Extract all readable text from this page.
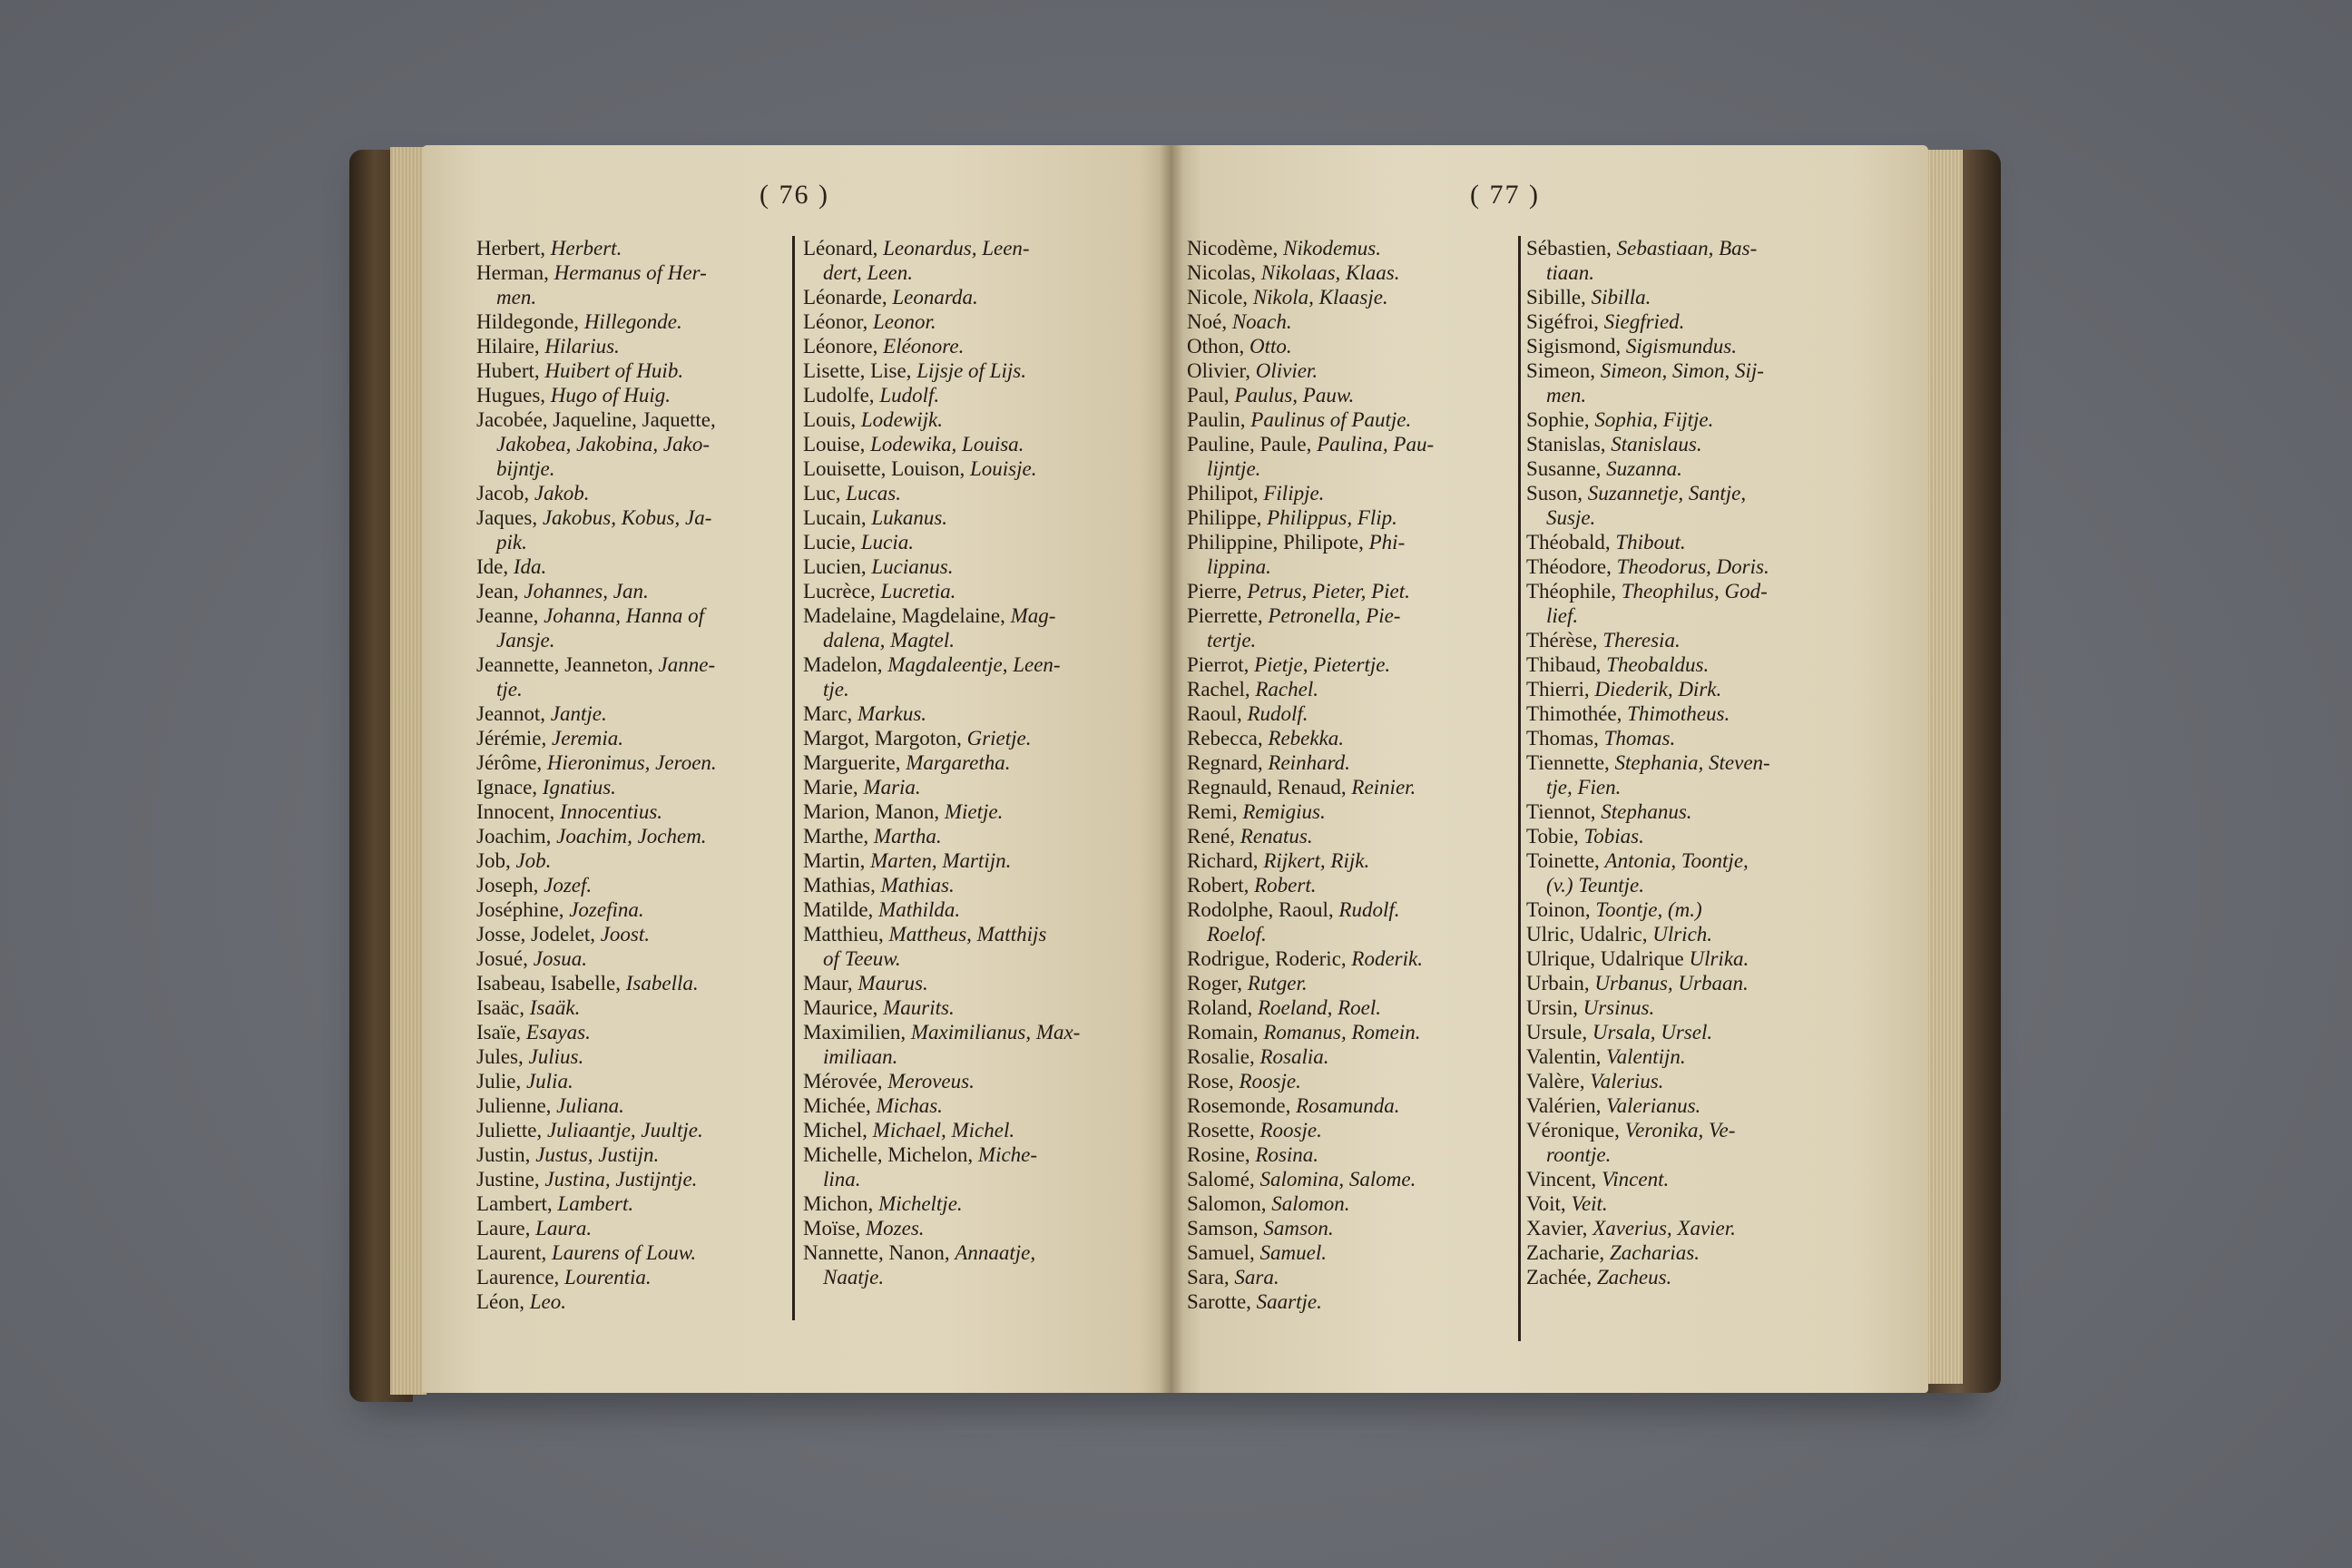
( 76 )
Herbert, Herbert.
Herman, Hermanus of Her-
men.
Hildegonde, Hillegonde.
Hilaire, Hilarius.
Hubert, Huibert of Huib.
Hugues, Hugo of Huig.
Jacobée, Jaqueline, Jaquette,
Jakobea, Jakobina, Jako-
bijntje.
Jacob, Jakob.
Jaques, Jakobus, Kobus, Ja-
pik.
Ide, Ida.
Jean, Johannes, Jan.
Jeanne, Johanna, Hanna of
Jansje.
Jeannette, Jeanneton, Janne-
tje.
Jeannot, Jantje.
Jérémie, Jeremia.
Jérôme, Hieronimus, Jeroen.
Ignace, Ignatius.
Innocent, Innocentius.
Joachim, Joachim, Jochem.
Job, Job.
Joseph, Jozef.
Joséphine, Jozefina.
Josse, Jodelet, Joost.
Josué, Josua.
Isabeau, Isabelle, Isabella.
Isaäc, Isaäk.
Isaïe, Esayas.
Jules, Julius.
Julie, Julia.
Julienne, Juliana.
Juliette, Juliaantje, Juultje.
Justin, Justus, Justijn.
Justine, Justina, Justijntje.
Lambert, Lambert.
Laure, Laura.
Laurent, Laurens of Louw.
Laurence, Lourentia.
Léon, Leo.
Léonard, Leonardus, Leen-
dert, Leen.
Léonarde, Leonarda.
Léonor, Leonor.
Léonore, Eléonore.
Lisette, Lise, Lijsje of Lijs.
Ludolfe, Ludolf.
Louis, Lodewijk.
Louise, Lodewika, Louisa.
Louisette, Louison, Louisje.
Luc, Lucas.
Lucain, Lukanus.
Lucie, Lucia.
Lucien, Lucianus.
Lucrèce, Lucretia.
Madelaine, Magdelaine, Mag-
dalena, Magtel.
Madelon, Magdaleentje, Leen-
tje.
Marc, Markus.
Margot, Margoton, Grietje.
Marguerite, Margaretha.
Marie, Maria.
Marion, Manon, Mietje.
Marthe, Martha.
Martin, Marten, Martijn.
Mathias, Mathias.
Matilde, Mathilda.
Matthieu, Mattheus, Matthijs
of Teeuw.
Maur, Maurus.
Maurice, Maurits.
Maximilien, Maximilianus, Max-
imiliaan.
Mérovée, Meroveus.
Michée, Michas.
Michel, Michael, Michel.
Michelle, Michelon, Miche-
lina.
Michon, Micheltje.
Moïse, Mozes.
Nannette, Nanon, Annaatje,
Naatje.
( 77 )
Nicodème, Nikodemus.
Nicolas, Nikolaas, Klaas.
Nicole, Nikola, Klaasje.
Noé, Noach.
Othon, Otto.
Olivier, Olivier.
Paul, Paulus, Pauw.
Paulin, Paulinus of Pautje.
Pauline, Paule, Paulina, Pau-
lijntje.
Philipot, Filipje.
Philippe, Philippus, Flip.
Philippine, Philipote, Phi-
lippina.
Pierre, Petrus, Pieter, Piet.
Pierrette, Petronella, Pie-
tertje.
Pierrot, Pietje, Pietertje.
Rachel, Rachel.
Raoul, Rudolf.
Rebecca, Rebekka.
Regnard, Reinhard.
Regnauld, Renaud, Reinier.
Remi, Remigius.
René, Renatus.
Richard, Rijkert, Rijk.
Robert, Robert.
Rodolphe, Raoul, Rudolf.
Roelof.
Rodrigue, Roderic, Roderik.
Roger, Rutger.
Roland, Roeland, Roel.
Romain, Romanus, Romein.
Rosalie, Rosalia.
Rose, Roosje.
Rosemonde, Rosamunda.
Rosette, Roosje.
Rosine, Rosina.
Salomé, Salomina, Salome.
Salomon, Salomon.
Samson, Samson.
Samuel, Samuel.
Sara, Sara.
Sarotte, Saartje.
Sébastien, Sebastiaan, Bas-
tiaan.
Sibille, Sibilla.
Sigéfroi, Siegfried.
Sigismond, Sigismundus.
Simeon, Simeon, Simon, Sij-
men.
Sophie, Sophia, Fijtje.
Stanislas, Stanislaus.
Susanne, Suzanna.
Suson, Suzannetje, Santje,
Susje.
Théobald, Thibout.
Théodore, Theodorus, Doris.
Théophile, Theophilus, God-
lief.
Thérèse, Theresia.
Thibaud, Theobaldus.
Thierri, Diederik, Dirk.
Thimothée, Thimotheus.
Thomas, Thomas.
Tiennette, Stephania, Steven-
tje, Fien.
Tiennot, Stephanus.
Tobie, Tobias.
Toinette, Antonia, Toontje,
(v.) Teuntje.
Toinon, Toontje, (m.)
Ulric, Udalric, Ulrich.
Ulrique, Udalrique Ulrika.
Urbain, Urbanus, Urbaan.
Ursin, Ursinus.
Ursule, Ursala, Ursel.
Valentin, Valentijn.
Valère, Valerius.
Valérien, Valerianus.
Véronique, Veronika, Ve-
roontje.
Vincent, Vincent.
Voit, Veit.
Xavier, Xaverius, Xavier.
Zacharie, Zacharias.
Zachée, Zacheus.
